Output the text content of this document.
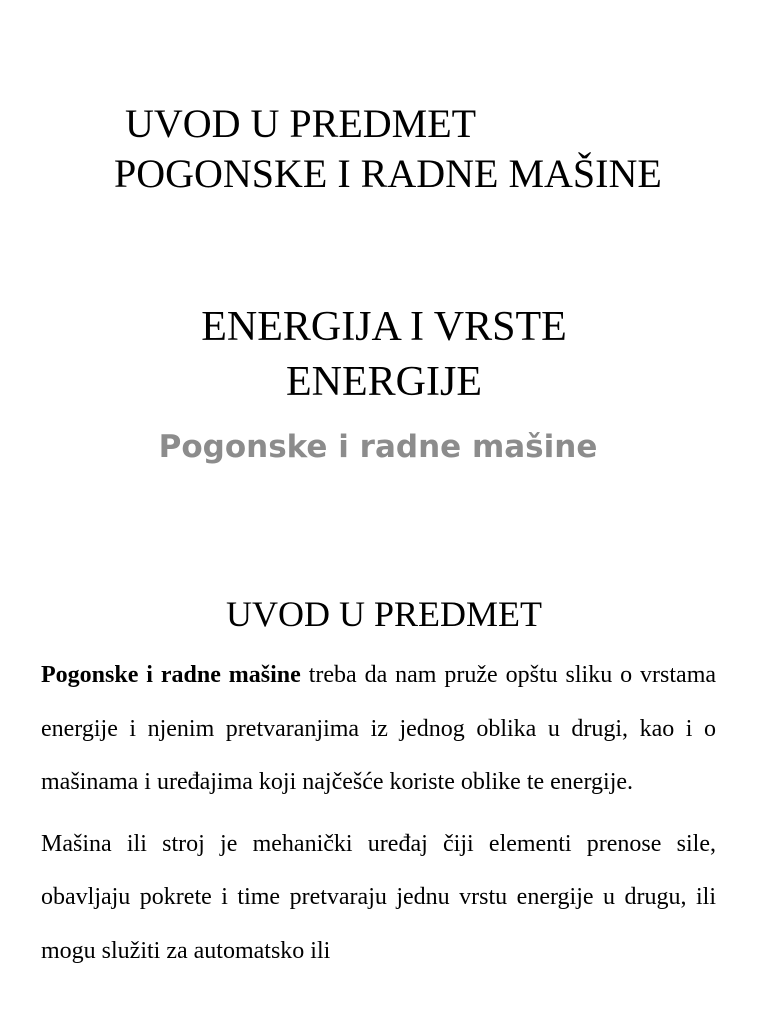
UVOD U PREDMET
POGONSKE I RADNE MAŠINE
ENERGIJA I VRSTE
ENERGIJE
Pogonske i radne mašine
UVOD U PREDMET

Pogonske i radne mašine treba da nam pruže opštu sliku o vrstama energije i njenim pretvaranjima iz jednog oblika u drugi, kao i o mašinama i uređajima koji najčešće koriste oblike te energije.

Mašina ili stroj je mehanički uređaj čiji elementi prenose sile, obavljaju pokrete i time pretvaraju jednu vrstu energije u drugu, ili mogu služiti za automatsko ili
